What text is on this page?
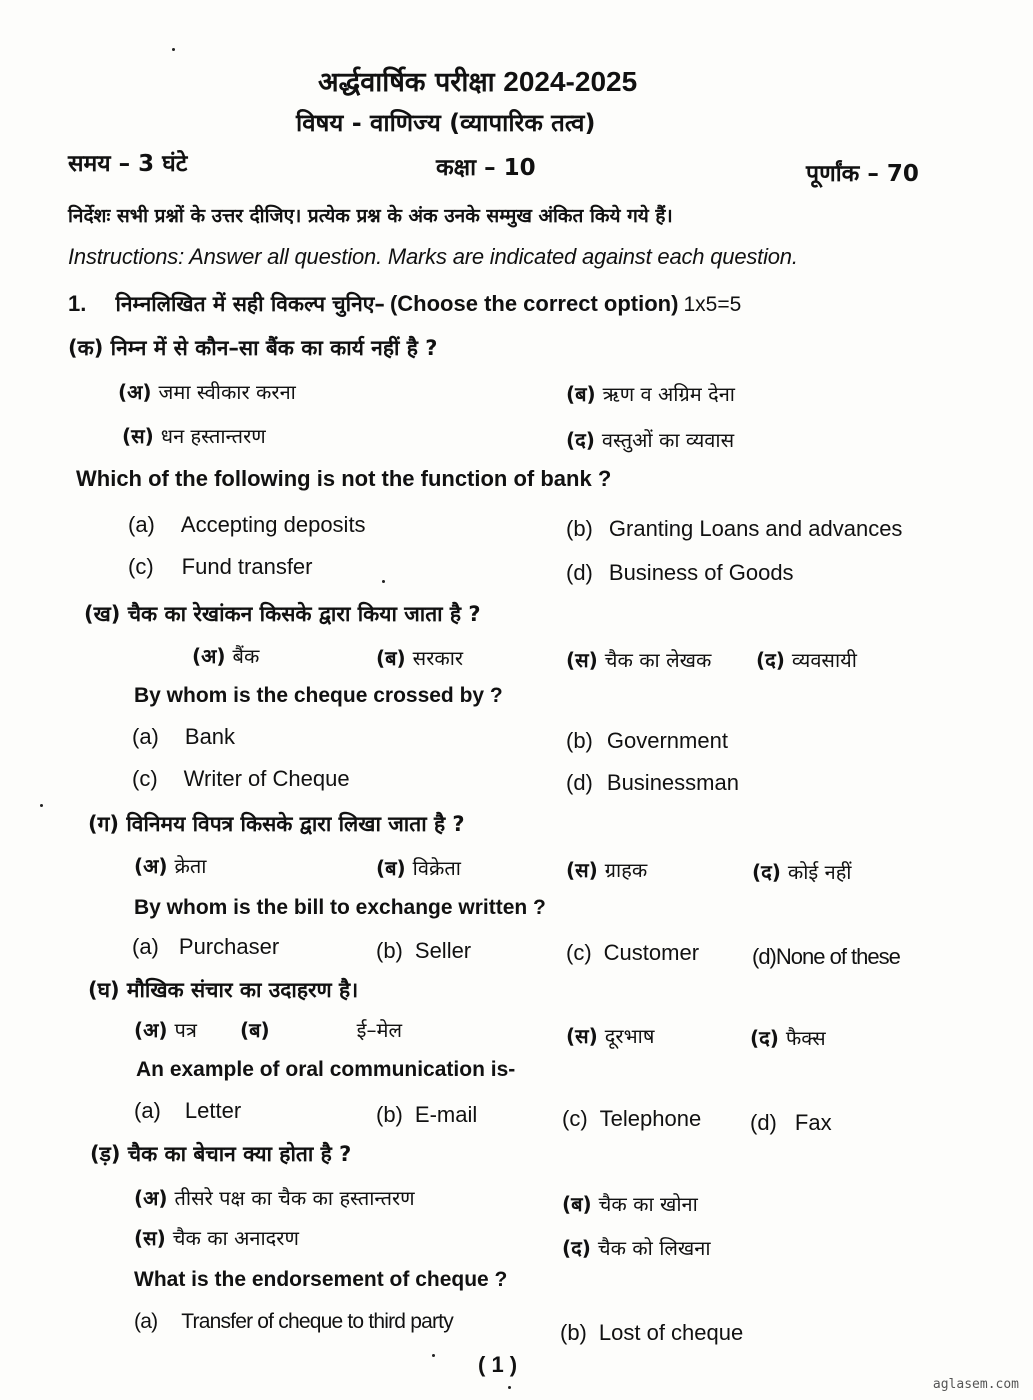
अर्द्धवार्षिक परीक्षा 2024-2025
विषय - वाणिज्य (व्यापारिक तत्व)
समय – 3 घंटे	कक्षा – 10	पूर्णांक – 70
निर्देशः सभी प्रश्नों के उत्तर दीजिए। प्रत्येक प्रश्न के अंक उनके सम्मुख अंकित किये गये हैं।
Instructions: Answer all question. Marks are indicated against each question.
1. निम्नलिखित में सही विकल्प चुनिए– (Choose the correct option) 1x5=5
(क) निम्न में से कौन–सा बैंक का कार्य नहीं है ?
(अ) जमा स्वीकार करना	(ब) ऋण व अग्रिम देना
(स) धन हस्तान्तरण	(द) वस्तुओं का व्यवास
Which of the following is not the function of bank ?
(a) Accepting deposits	(b) Granting Loans and advances
(c) Fund transfer	(d) Business of Goods
(ख) चैक का रेखांकन किसके द्वारा किया जाता है ?
(अ) बैंक	(ब) सरकार	(स) चैक का लेखक (द) व्यवसायी
By whom is the cheque crossed by ?
(a) Bank	(b) Government
(c) Writer of Cheque	(d) Businessman
(ग) विनिमय विपत्र किसके द्वारा लिखा जाता है ?
(अ) क्रेता	(ब) विक्रेता	(स) ग्राहक	(द) कोई नहीं
By whom is the bill to exchange written ?
(a) Purchaser	(b) Seller	(c) Customer (d)None of these
(घ) मौखिक संचार का उदाहरण है।
(अ) पत्र (ब)	ई–मेल	(स) दूरभाष	(द) फैक्स
An example of oral communication is-
(a) Letter	(b) E-mail	(c) Telephone (d) Fax
(ड़) चैक का बेचान क्या होता है ?
(अ) तीसरे पक्ष का चैक का हस्तान्तरण	(ब) चैक का खोना
(स) चैक का अनादरण	(द) चैक को लिखना
What is the endorsement of cheque ?
(a) Transfer of cheque to third party	(b) Lost of cheque
( 1 )
aglasem.com
